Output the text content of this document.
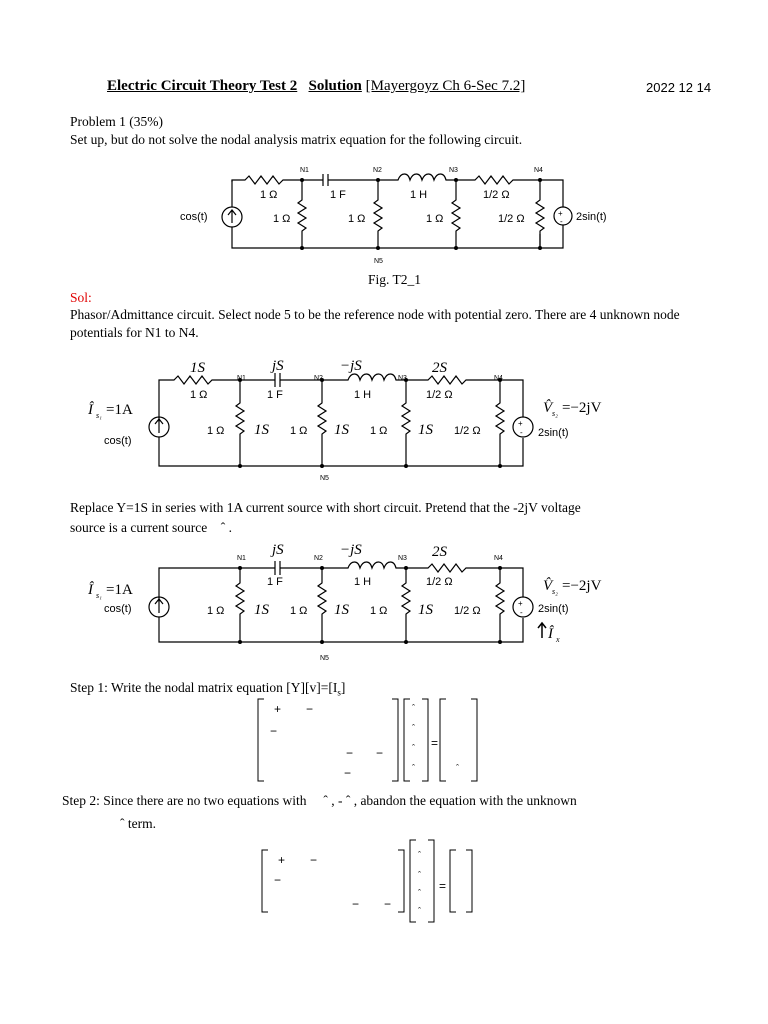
Electric Circuit Theory Test 2 Solution [Mayergoyz Ch 6-Sec 7.2]	2022 12 14
Problem 1 (35%)
Set up, but do not solve the nodal analysis matrix equation for the following circuit.
N1	N2	N3	N4
N5
1 Ω	1 F	1 H	1/2 Ω
1 Ω	1 Ω	1 Ω	1/2 Ω
cos(t)	2sin(t)
+
-
Fig. T2_1
Sol:
Phasor/Admittance circuit. Select node 5 to be the reference node with potential zero. There are 4 unknown node potentials for N1 to N4.
N1	N2	N3	N4
N5
1S	jS	−jS	2S
1S	1S	1S
1 Ω	1 F	1 H	1/2 Ω
1 Ω	1 Ω	1 Ω	1/2 Ω
cos(t)
2sin(t)
+
-
Î s₁ =1A	V̂ s₂ =−2jV
Replace Y=1S in series with 1A current source with short circuit. Pretend that the -2jV voltage
source is a current source ˆ .
N1	N2	N3	N4
N5
jS	−jS	2S
1S	1S	1S
1 F	1 H	1/2 Ω
1 Ω	1 Ω	1 Ω	1/2 Ω
cos(t)	2sin(t)
+
-
Î s₁ =1A	V̂ s₂ =−2jV
Î x
Step 1: Write the nodal matrix equation $[Y][v]=[I_s]$
+ −
−
− −
−
ˆ
ˆ
ˆ
ˆ
=
ˆ
Step 2: Since there are no two equations with ˆ , - ˆ , abandon the equation with the unknown
ˆ term.
+ −
−
− −
ˆ
ˆ
ˆ
ˆ
=
